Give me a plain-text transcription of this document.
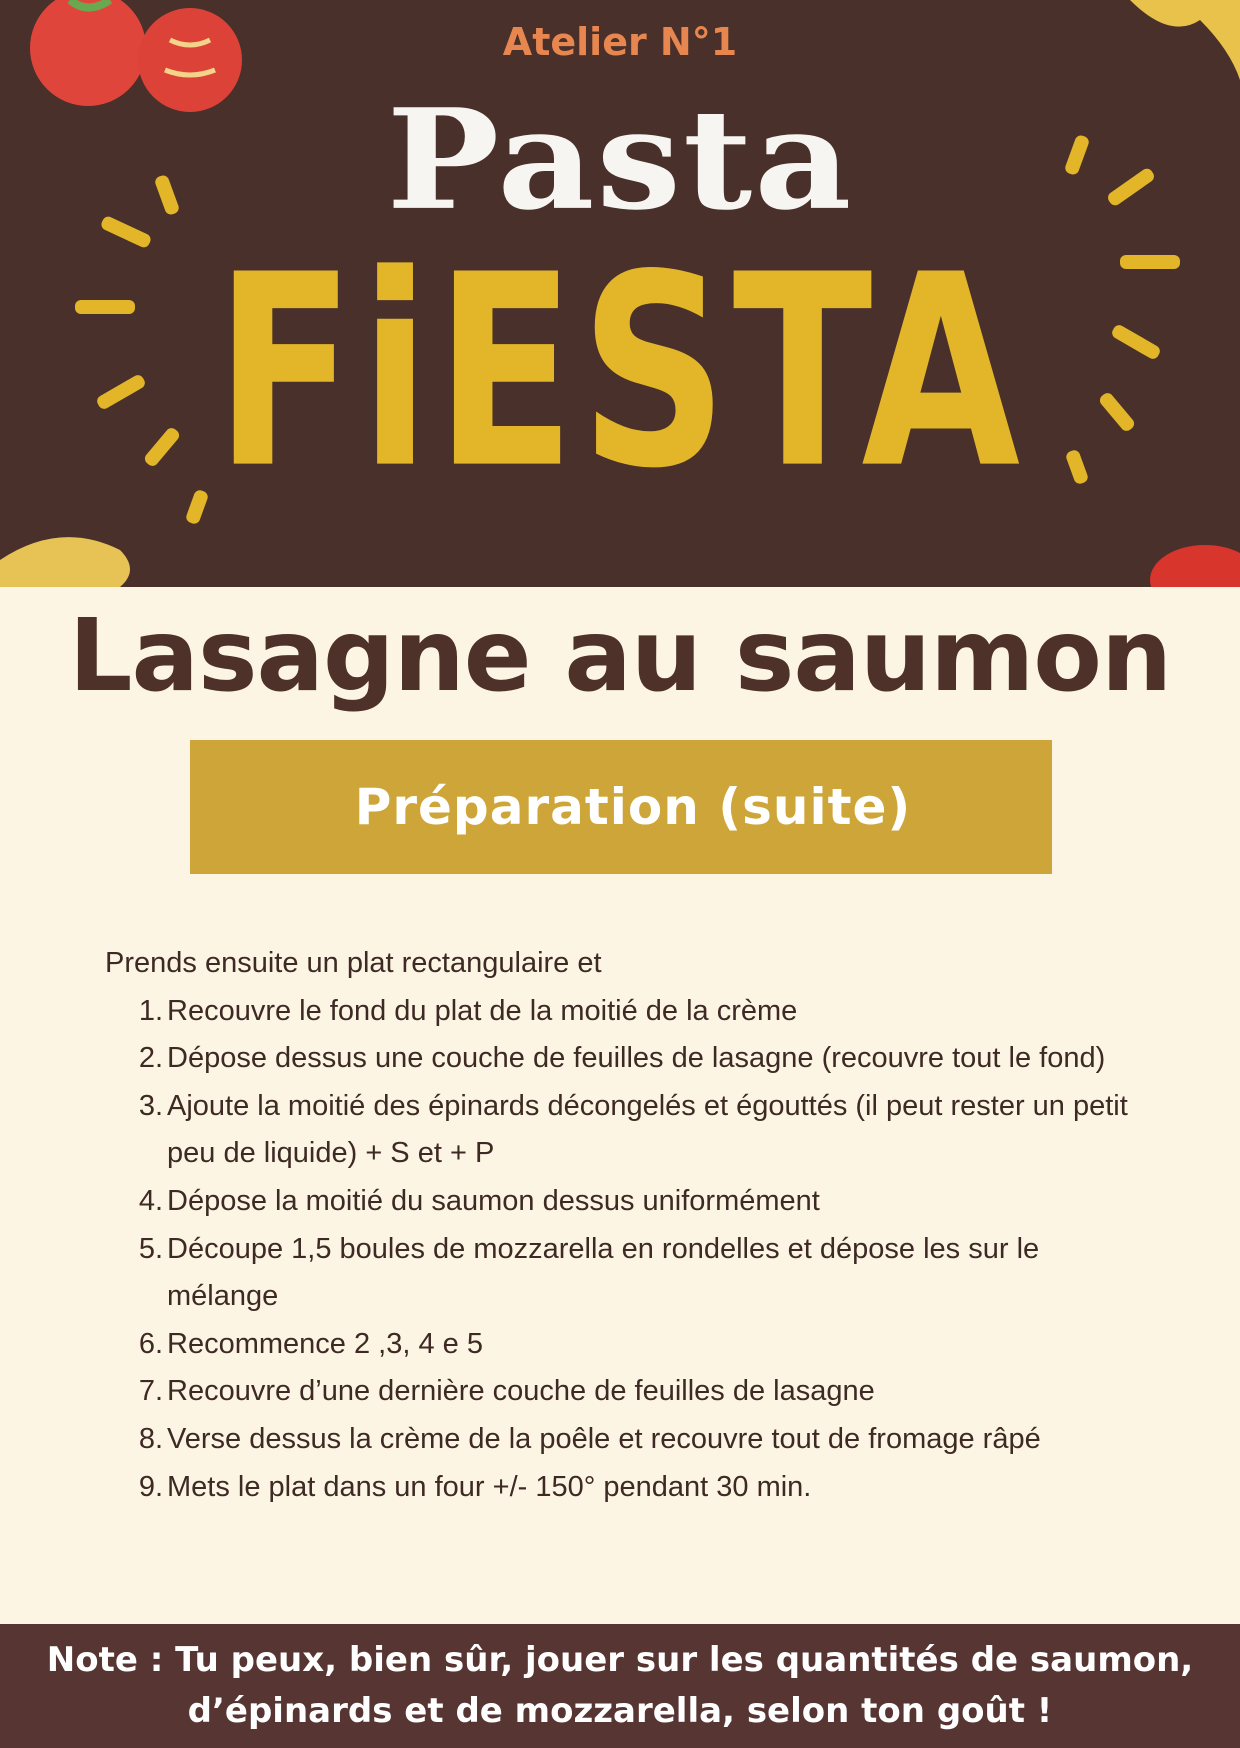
Atelier N°1
Pasta
FiESTA
Lasagne au saumon
Préparation (suite)

Prends ensuite un plat rectangulaire et

1. Recouvre le fond du plat de la moitié de la crème
2. Dépose dessus une couche de feuilles de lasagne (recouvre tout le fond)
3. Ajoute la moitié des épinards décongelés et égouttés (il peut rester un petit peu de liquide) + S et + P
4. Dépose la moitié du saumon dessus uniformément
5. Découpe 1,5 boules de mozzarella en rondelles et dépose les sur le mélange
6. Recommence 2 ,3, 4 e 5
7. Recouvre d’une dernière couche de feuilles de lasagne
8. Verse dessus la crème de la poêle et recouvre tout de fromage râpé
9. Mets le plat dans un four +/- 150° pendant 30 min.
Note : Tu peux, bien sûr, jouer sur les quantités de saumon,
d’épinards et de mozzarella, selon ton goût !
